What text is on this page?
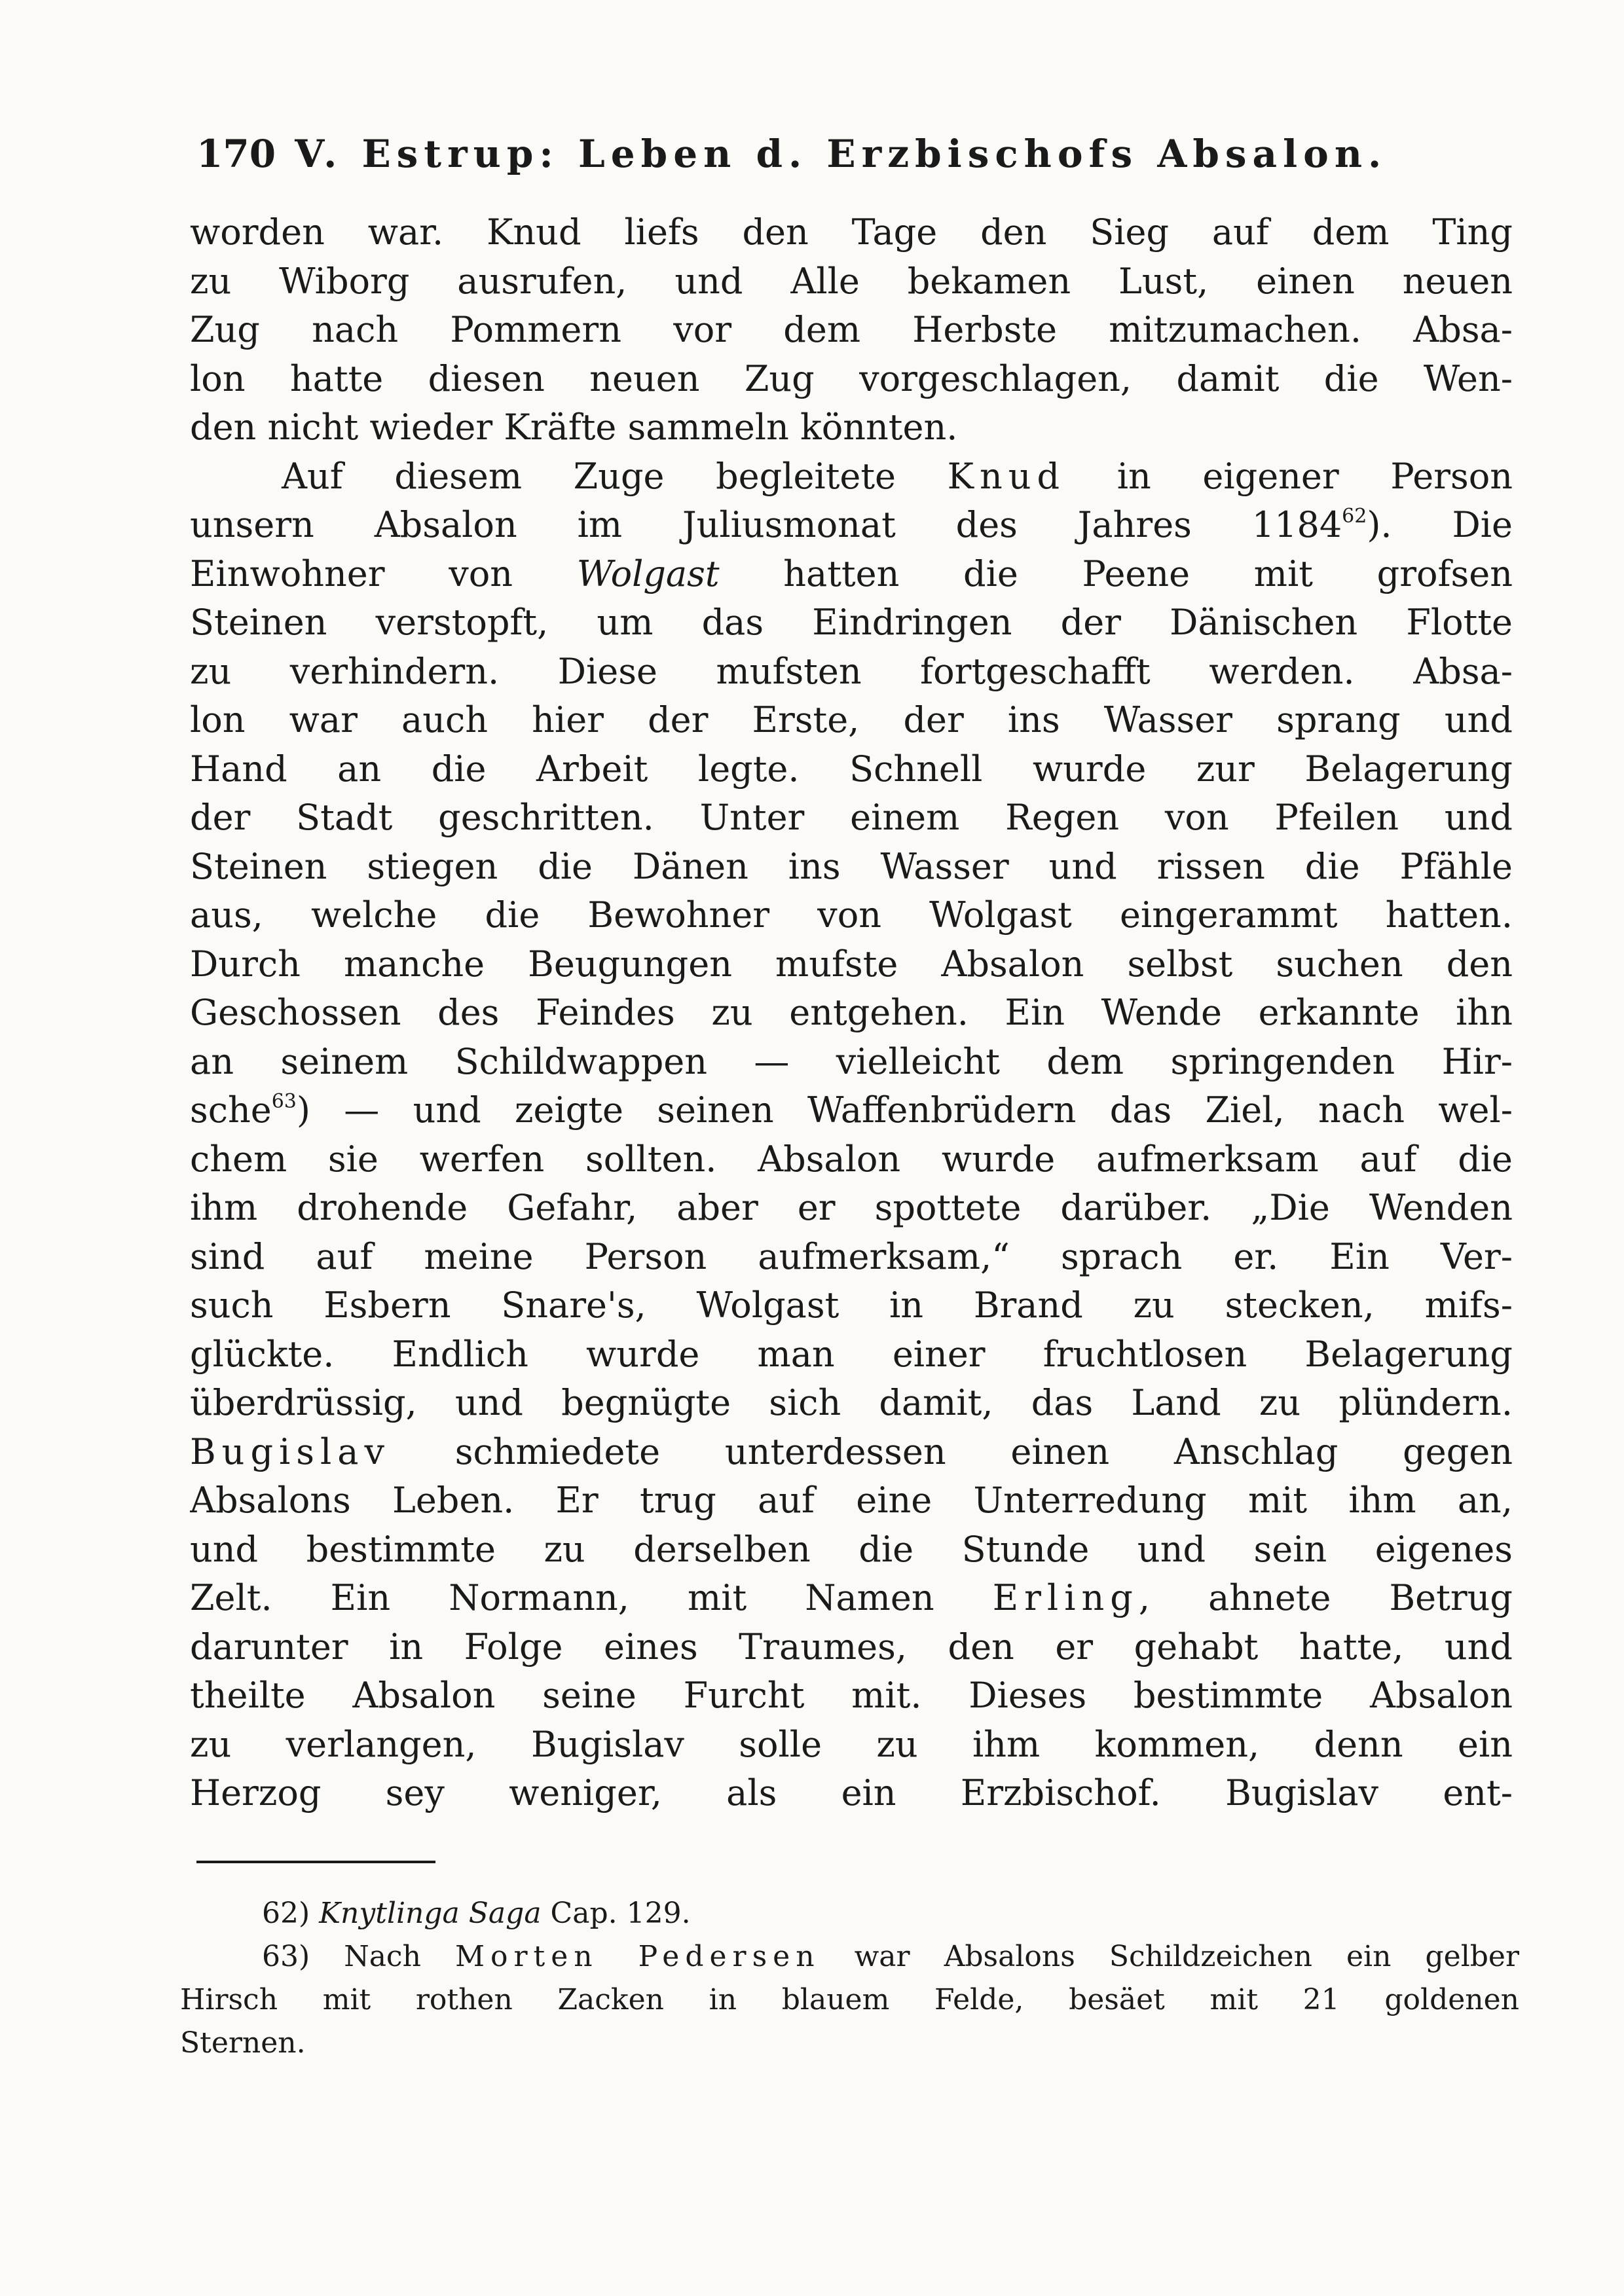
170 V. Estrup: Leben d. Erzbischofs Absalon.
worden war. Knud liefs den Tage den Sieg auf dem Ting
zu Wiborg ausrufen, und Alle bekamen Lust, einen neuen
Zug nach Pommern vor dem Herbste mitzumachen. Absa-
lon hatte diesen neuen Zug vorgeschlagen, damit die Wen-
den nicht wieder Kräfte sammeln könnten.
Auf diesem Zuge begleitete Knud in eigener Person
unsern Absalon im Juliusmonat des Jahres 1184$^{62}$). Die
Einwohner von Wolgast hatten die Peene mit grofsen
Steinen verstopft, um das Eindringen der Dänischen Flotte
zu verhindern. Diese mufsten fortgeschafft werden. Absa-
lon war auch hier der Erste, der ins Wasser sprang und
Hand an die Arbeit legte. Schnell wurde zur Belagerung
der Stadt geschritten. Unter einem Regen von Pfeilen und
Steinen stiegen die Dänen ins Wasser und rissen die Pfähle
aus, welche die Bewohner von Wolgast eingerammt hatten.
Durch manche Beugungen mufste Absalon selbst suchen den
Geschossen des Feindes zu entgehen. Ein Wende erkannte ihn
an seinem Schildwappen — vielleicht dem springenden Hir-
sche$^{63}$) — und zeigte seinen Waffenbrüdern das Ziel, nach wel-
chem sie werfen sollten. Absalon wurde aufmerksam auf die
ihm drohende Gefahr, aber er spottete darüber. „Die Wenden
sind auf meine Person aufmerksam,“ sprach er. Ein Ver-
such Esbern Snare's, Wolgast in Brand zu stecken, mifs-
glückte. Endlich wurde man einer fruchtlosen Belagerung
überdrüssig, und begnügte sich damit, das Land zu plündern.
Bugislav schmiedete unterdessen einen Anschlag gegen
Absalons Leben. Er trug auf eine Unterredung mit ihm an,
und bestimmte zu derselben die Stunde und sein eigenes
Zelt. Ein Normann, mit Namen Erling, ahnete Betrug
darunter in Folge eines Traumes, den er gehabt hatte, und
theilte Absalon seine Furcht mit. Dieses bestimmte Absalon
zu verlangen, Bugislav solle zu ihm kommen, denn ein
Herzog sey weniger, als ein Erzbischof. Bugislav ent-
62) Knytlinga Saga Cap. 129.
63) Nach Morten Pedersen war Absalons Schildzeichen ein gelber
Hirsch mit rothen Zacken in blauem Felde, besäet mit 21 goldenen
Sternen.
